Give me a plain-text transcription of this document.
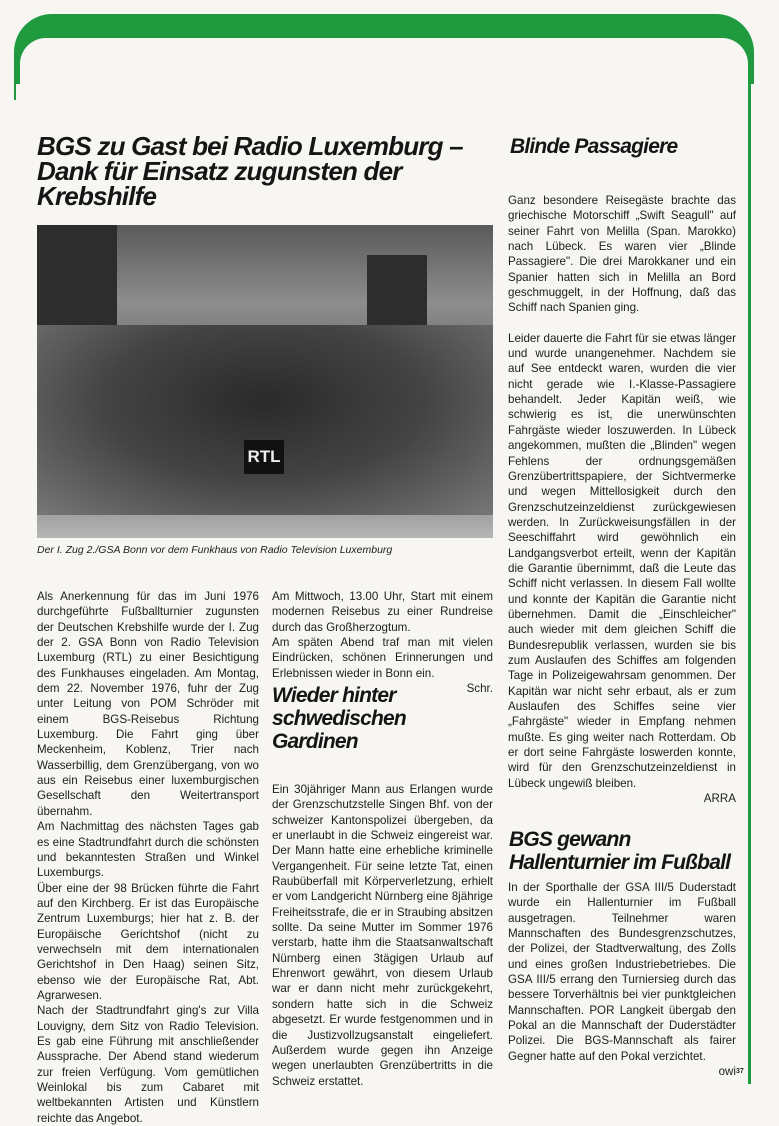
BGS zu Gast bei Radio Luxemburg – Dank für Einsatz zugunsten der Krebshilfe
Blinde Passagiere
RTL
Der I. Zug 2./GSA Bonn vor dem Funkhaus von Radio Television Luxemburg

Als Anerkennung für das im Juni 1976 durchgeführte Fußballturnier zugunsten der Deutschen Krebshilfe wurde der I. Zug der 2. GSA Bonn von Radio Television Luxemburg (RTL) zu einer Besichtigung des Funkhauses eingeladen. Am Montag, dem 22. November 1976, fuhr der Zug unter Leitung von POM Schröder mit einem BGS-Reisebus Richtung Luxemburg. Die Fahrt ging über Meckenheim, Koblenz, Trier nach Wasserbillig, dem Grenzübergang, von wo aus ein Reisebus einer luxemburgischen Gesellschaft den Weitertransport übernahm.

Am Nachmittag des nächsten Tages gab es eine Stadtrundfahrt durch die schönsten und bekanntesten Straßen und Winkel Luxemburgs.

Über eine der 98 Brücken führte die Fahrt auf den Kirchberg. Er ist das Europäische Zentrum Luxemburgs; hier hat z. B. der Europäische Gerichtshof (nicht zu verwechseln mit dem internationalen Gerichtshof in Den Haag) seinen Sitz, ebenso wie der Europäische Rat, Abt. Agrarwesen.

Nach der Stadtrundfahrt ging's zur Villa Louvigny, dem Sitz von Radio Television. Es gab eine Führung mit anschließender Aussprache. Der Abend stand wiederum zur freien Verfügung. Vom gemütlichen Weinlokal bis zum Cabaret mit weltbekannten Artisten und Künstlern reichte das Angebot.

Am Mittwoch, 13.00 Uhr, Start mit einem modernen Reisebus zu einer Rundreise durch das Großherzogtum.

Am späten Abend traf man mit vielen Eindrücken, schönen Erinnerungen und Erlebnissen wieder in Bonn ein.

Schr.

Wieder hinter schwedischen Gardinen

Ein 30jähriger Mann aus Erlangen wurde der Grenzschutzstelle Singen Bhf. von der schweizer Kantonspolizei übergeben, da er unerlaubt in die Schweiz eingereist war. Der Mann hatte eine erhebliche kriminelle Vergangenheit. Für seine letzte Tat, einen Raubüberfall mit Körperverletzung, erhielt er vom Landgericht Nürnberg eine 8jährige Freiheitsstrafe, die er in Straubing absitzen sollte. Da seine Mutter im Sommer 1976 verstarb, hatte ihm die Staatsanwaltschaft Nürnberg einen 3tägigen Urlaub auf Ehrenwort gewährt, von diesem Urlaub war er dann nicht mehr zurückgekehrt, sondern hatte sich in die Schweiz abgesetzt. Er wurde festgenommen und in die Justizvollzugsanstalt eingeliefert. Außerdem wurde gegen ihn Anzeige wegen unerlaubten Grenzübertritts in die Schweiz erstattet.

Ganz besondere Reisegäste brachte das griechische Motorschiff „Swift Seagull" auf seiner Fahrt von Melilla (Span. Marokko) nach Lübeck. Es waren vier „Blinde Passagiere". Die drei Marokkaner und ein Spanier hatten sich in Melilla an Bord geschmuggelt, in der Hoffnung, daß das Schiff nach Spanien ging.

Leider dauerte die Fahrt für sie etwas länger und wurde unangenehmer. Nachdem sie auf See entdeckt waren, wurden die vier nicht gerade wie I.-Klasse-Passagiere behandelt. Jeder Kapitän weiß, wie schwierig es ist, die unerwünschten Fahrgäste wieder loszuwerden. In Lübeck angekommen, mußten die „Blinden" wegen Fehlens der ordnungsgemäßen Grenzübertrittspapiere, der Sichtvermerke und wegen Mittellosigkeit durch den Grenzschutzeinzeldienst zurückgewiesen werden. In Zurückweisungsfällen in der Seeschiffahrt wird gewöhnlich ein Landgangsverbot erteilt, wenn der Kapitän die Garantie übernimmt, daß die Leute das Schiff nicht verlassen. In diesem Fall wollte und konnte der Kapitän die Garantie nicht übernehmen. Damit die „Einschleicher" auch wieder mit dem gleichen Schiff die Bundesrepublik verlassen, wurden sie bis zum Auslaufen des Schiffes am folgenden Tage in Polizeigewahrsam genommen. Der Kapitän war nicht sehr erbaut, als er zum Auslaufen des Schiffes seine vier „Fahrgäste" wieder in Empfang nehmen mußte. Es ging weiter nach Rotterdam. Ob er dort seine Fahrgäste loswerden konnte, wird für den Grenzschutzeinzeldienst in Lübeck ungewiß bleiben.

ARRA

BGS gewann Hallenturnier im Fußball

In der Sporthalle der GSA III/5 Duderstadt wurde ein Hallenturnier im Fußball ausgetragen. Teilnehmer waren Mannschaften des Bundesgrenzschutzes, der Polizei, der Stadtverwaltung, des Zolls und eines großen Industriebetriebes. Die GSA III/5 errang den Turniersieg durch das bessere Torverhältnis bei vier punktgleichen Mannschaften. POR Langkeit übergab den Pokal an die Mannschaft der Duderstädter Polizei. Die BGS-Mannschaft als fairer Gegner hatte auf den Pokal verzichtet.

owi 37
